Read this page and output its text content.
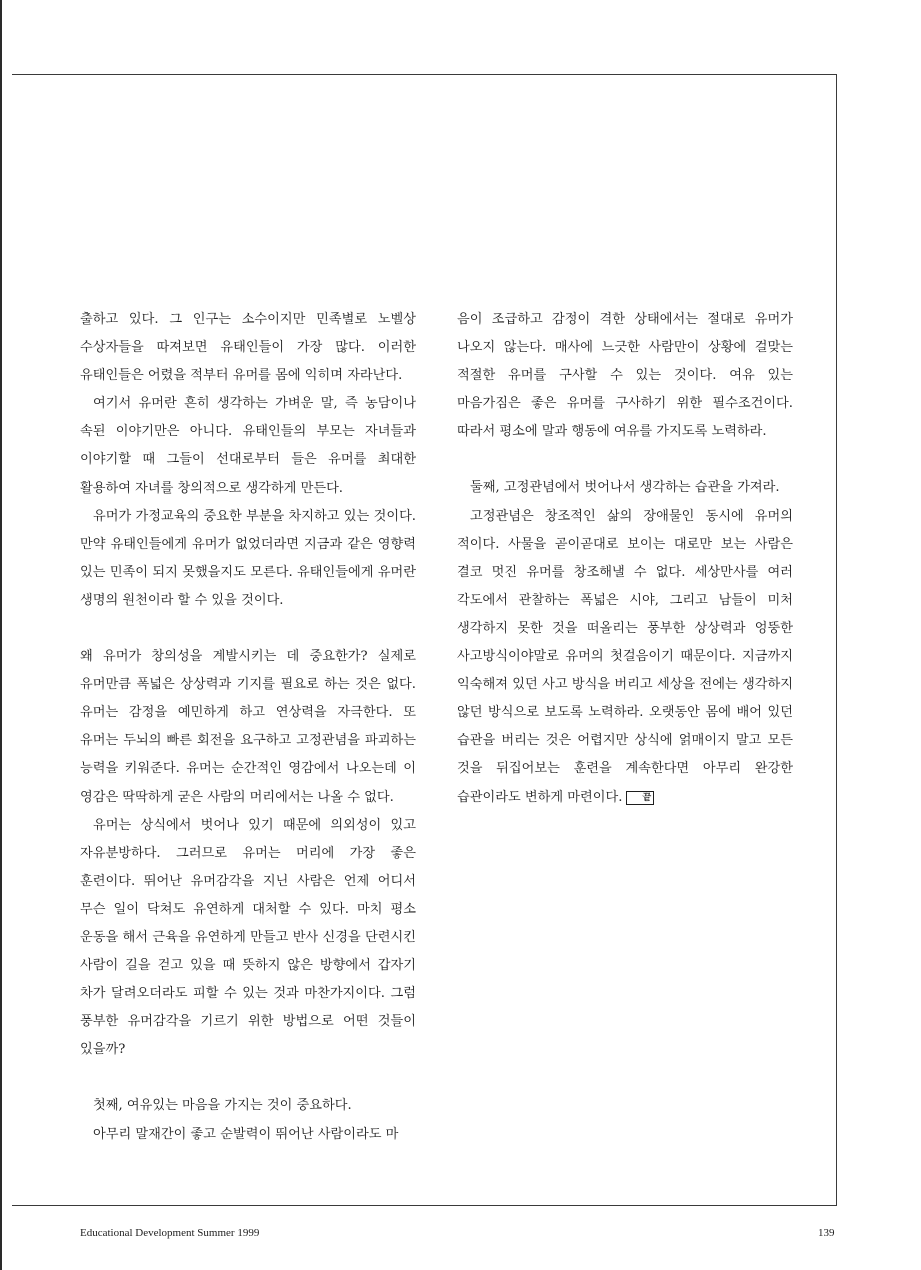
출하고 있다. 그 인구는 소수이지만 민족별로 노벨상 수상자들을 따져보면 유태인들이 가장 많다. 이러한 유태인들은 어렸을 적부터 유머를 몸에 익히며 자라난다.

여기서 유머란 흔히 생각하는 가벼운 말, 즉 농담이나 속된 이야기만은 아니다. 유태인들의 부모는 자녀들과 이야기할 때 그들이 선대로부터 들은 유머를 최대한 활용하여 자녀를 창의적으로 생각하게 만든다.

유머가 가정교육의 중요한 부분을 차지하고 있는 것이다. 만약 유태인들에게 유머가 없었더라면 지금과 같은 영향력 있는 민족이 되지 못했을지도 모른다. 유태인들에게 유머란 생명의 원천이라 할 수 있을 것이다.

왜 유머가 창의성을 계발시키는 데 중요한가? 실제로 유머만큼 폭넓은 상상력과 기지를 필요로 하는 것은 없다. 유머는 감정을 예민하게 하고 연상력을 자극한다. 또 유머는 두뇌의 빠른 회전을 요구하고 고정관념을 파괴하는 능력을 키워준다. 유머는 순간적인 영감에서 나오는데 이 영감은 딱딱하게 굳은 사람의 머리에서는 나올 수 없다.

유머는 상식에서 벗어나 있기 때문에 의외성이 있고 자유분방하다. 그러므로 유머는 머리에 가장 좋은 훈련이다. 뛰어난 유머감각을 지닌 사람은 언제 어디서 무슨 일이 닥쳐도 유연하게 대처할 수 있다. 마치 평소 운동을 해서 근육을 유연하게 만들고 반사 신경을 단련시킨 사람이 길을 걷고 있을 때 뜻하지 않은 방향에서 갑자기 차가 달려오더라도 피할 수 있는 것과 마찬가지이다. 그럼 풍부한 유머감각을 기르기 위한 방법으로 어떤 것들이 있을까?

첫째, 여유있는 마음을 가지는 것이 중요하다.

아무리 말재간이 좋고 순발력이 뛰어난 사람이라도 마

음이 조급하고 감정이 격한 상태에서는 절대로 유머가 나오지 않는다. 매사에 느긋한 사람만이 상황에 걸맞는 적절한 유머를 구사할 수 있는 것이다. 여유 있는 마음가짐은 좋은 유머를 구사하기 위한 필수조건이다. 따라서 평소에 말과 행동에 여유를 가지도록 노력하라.

둘째, 고정관념에서 벗어나서 생각하는 습관을 가져라.

고정관념은 창조적인 삶의 장애물인 동시에 유머의 적이다. 사물을 곧이곧대로 보이는 대로만 보는 사람은 결코 멋진 유머를 창조해낼 수 없다. 세상만사를 여러 각도에서 관찰하는 폭넓은 시야, 그리고 남들이 미처 생각하지 못한 것을 떠올리는 풍부한 상상력과 엉뚱한 사고방식이야말로 유머의 첫걸음이기 때문이다. 지금까지 익숙해져 있던 사고 방식을 버리고 세상을 전에는 생각하지 않던 방식으로 보도록 노력하라. 오랫동안 몸에 배어 있던 습관을 버리는 것은 어렵지만 상식에 얽매이지 말고 모든 것을 뒤집어보는 훈련을 계속한다면 아무리 완강한 습관이라도 변하게 마련이다. 끝

Educational Development Summer 1999	139
